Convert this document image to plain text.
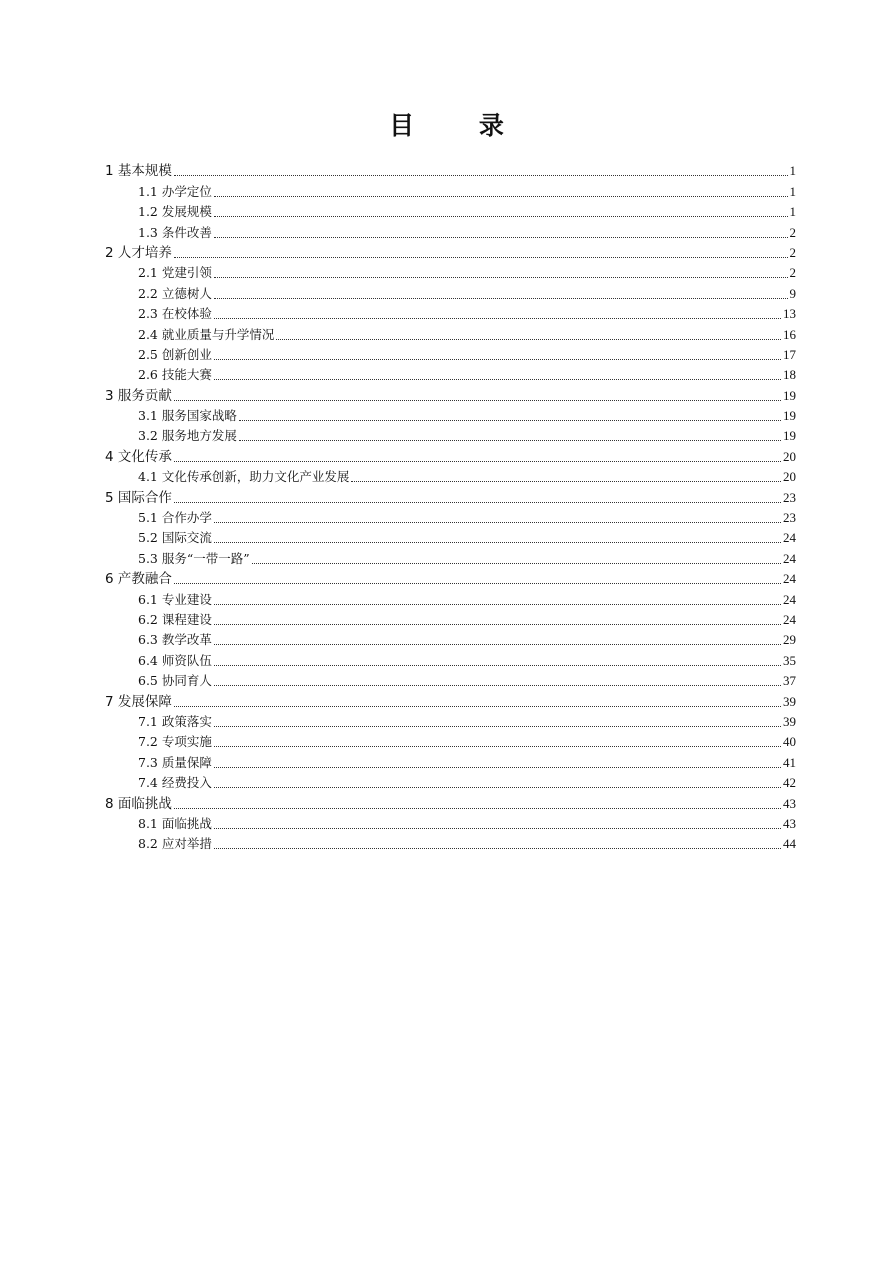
目 录
1 基本规模	1
1.1 办学定位	1
1.2 发展规模	1
1.3 条件改善	2
2 人才培养	2
2.1 党建引领	2
2.2 立德树人	9
2.3 在校体验	13
2.4 就业质量与升学情况	16
2.5 创新创业	17
2.6 技能大赛	18
3 服务贡献	19
3.1 服务国家战略	19
3.2 服务地方发展	19
4 文化传承	20
4.1 文化传承创新，助力文化产业发展	20
5 国际合作	23
5.1 合作办学	23
5.2 国际交流	24
5.3 服务“一带一路”	24
6 产教融合	24
6.1 专业建设	24
6.2 课程建设	24
6.3 教学改革	29
6.4 师资队伍	35
6.5 协同育人	37
7 发展保障	39
7.1 政策落实	39
7.2 专项实施	40
7.3 质量保障	41
7.4 经费投入	42
8 面临挑战	43
8.1 面临挑战	43
8.2 应对举措	44
